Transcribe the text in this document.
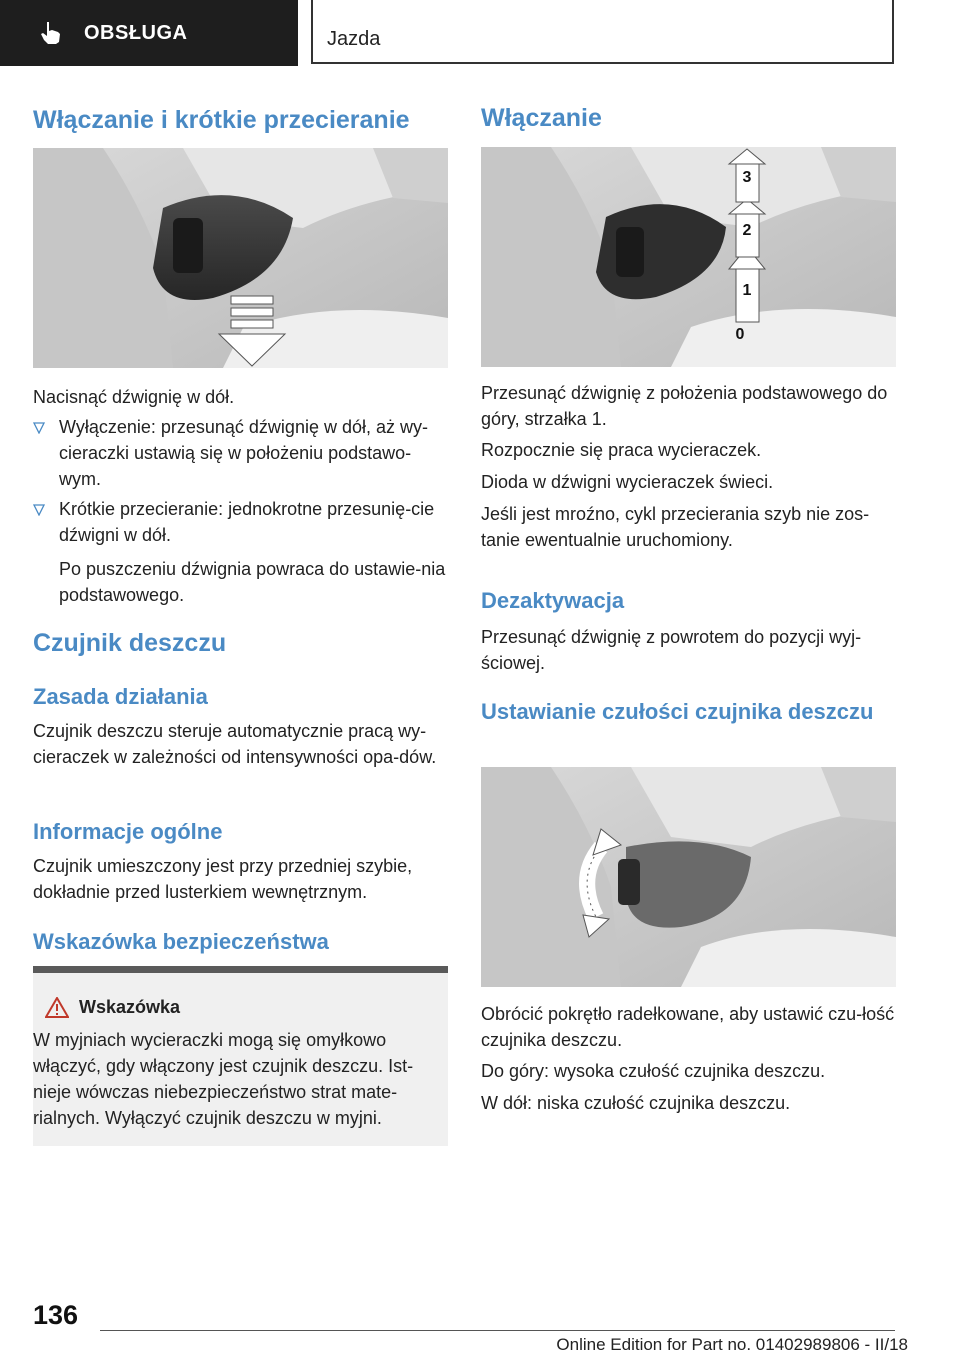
OBSŁUGA	Jazda
Włączanie i krótkie przecieranie

Nacisnąć dźwignię w dół.

Wyłączenie: przesunąć dźwignię w dół, aż wy‐cieraczki ustawią się w położeniu podstawo‐wym.
Krótkie przecieranie: jednokrotne przesunię‐cie dźwigni w dół.

Po puszczeniu dźwignia powraca do ustawie‐nia podstawowego.

Czujnik deszczu
Zasada działania

Czujnik deszczu steruje automatycznie pracą wy‐cieraczek w zależności od intensywności opa‐dów.

Informacje ogólne

Czujnik umieszczony jest przy przedniej szybie, dokładnie przed lusterkiem wewnętrznym.

Wskazówka bezpieczeństwa
Wskazówka

W myjniach wycieraczki mogą się omyłkowo włączyć, gdy włączony jest czujnik deszczu. Ist‐nieje wówczas niebezpieczeństwo strat mate‐rialnych. Wyłączyć czujnik deszczu w myjni.

Włączanie
3
2
1
0

Przesunąć dźwignię z położenia podstawowego do góry, strzałka 1.

Rozpocznie się praca wycieraczek.

Dioda w dźwigni wycieraczek świeci.

Jeśli jest mroźno, cykl przecierania szyb nie zos‐tanie ewentualnie uruchomiony.

Dezaktywacja

Przesunąć dźwignię z powrotem do pozycji wyj‐ściowej.

Ustawianie czułości czujnika deszczu

Obrócić pokrętło radełkowane, aby ustawić czu‐łość czujnika deszczu.

Do góry: wysoka czułość czujnika deszczu.

W dół: niska czułość czujnika deszczu.

136
Online Edition for Part no. 01402989806 - II/18
